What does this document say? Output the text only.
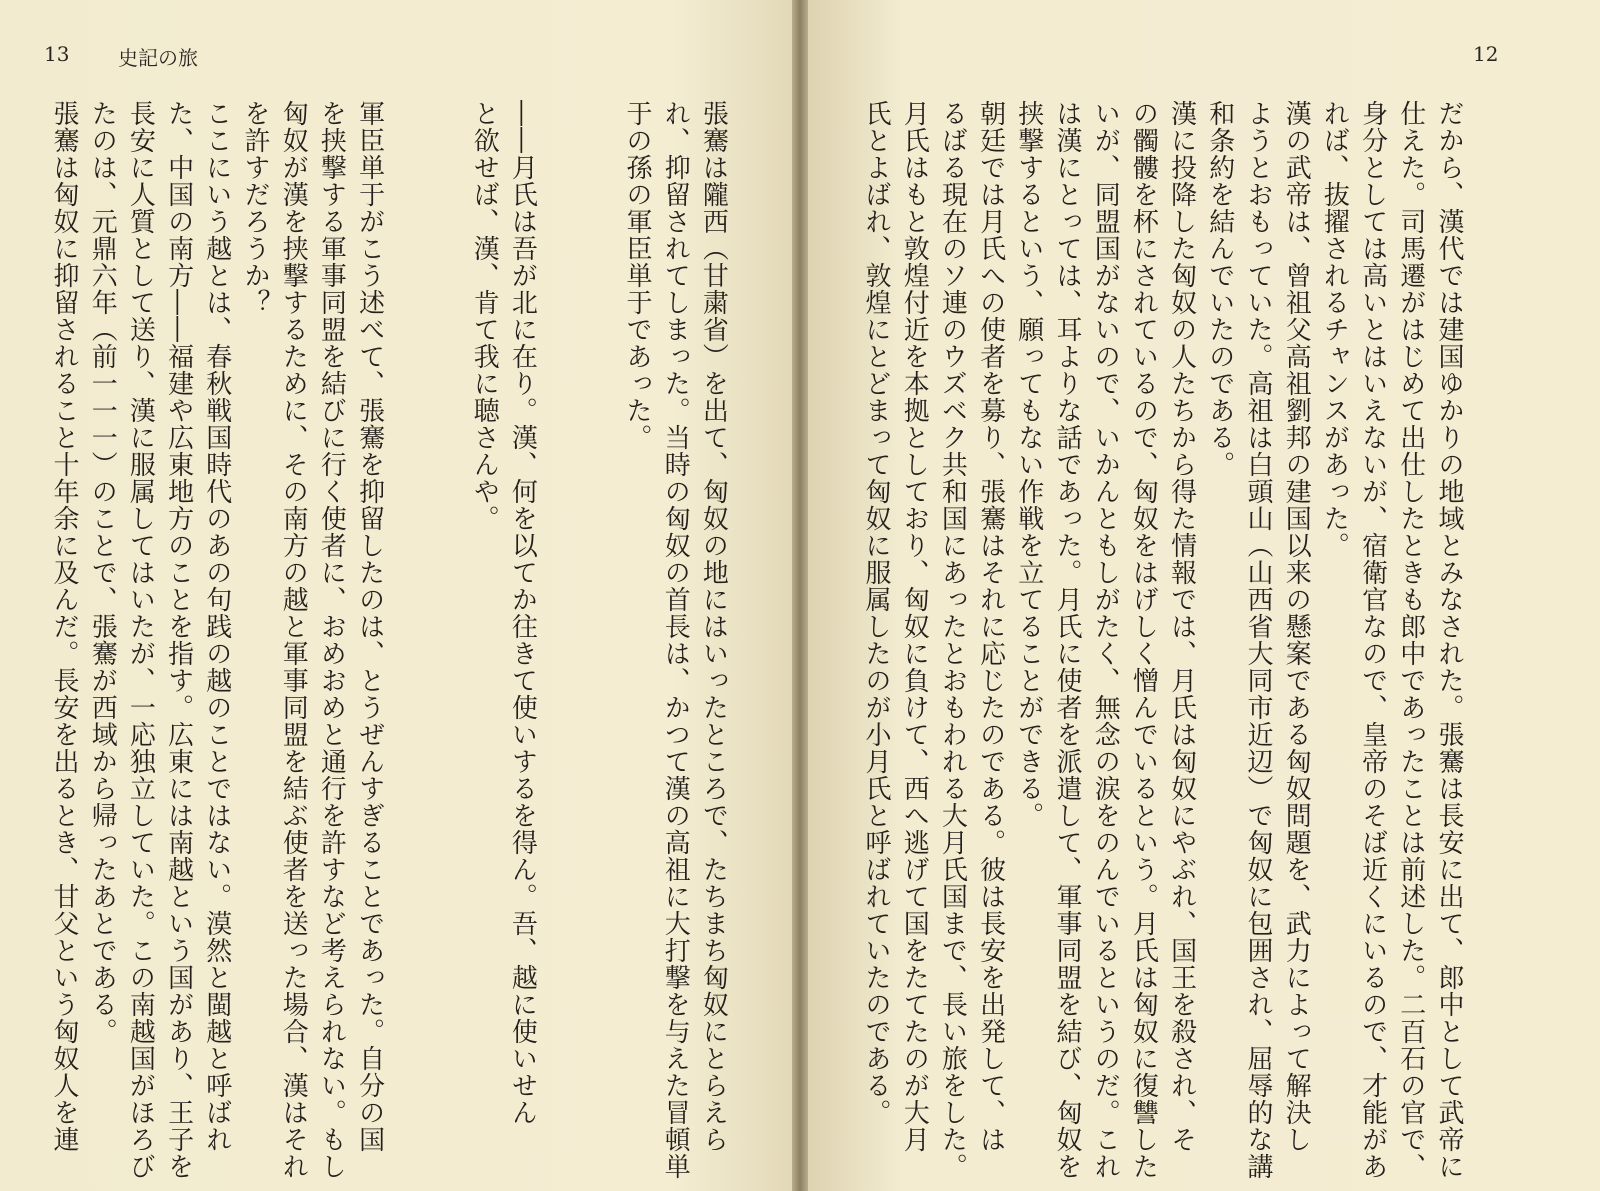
13 史記の旅
張騫は匈奴に抑留されること十年余に及んだ。長安を出るとき、甘父という匈奴人を連 たのは、元鼎六年（前一一一）のことで、張騫が西域から帰ったあとである。 長安に人質として送り、漢に服属してはいたが、一応独立していた。この南越国がほろび た、中国の南方――福建や広東地方のことを指す。広東には南越という国があり、王子を ここにいう越とは、春秋戦国時代のあの句践の越のことではない。漠然と閩越と呼ばれ を許すだろうか？ 匈奴が漢を挟撃するために、その南方の越と軍事同盟を結ぶ使者を送った場合、漢はそれ を挟撃する軍事同盟を結びに行く使者に、おめおめと通行を許すなど考えられない。もし 軍臣単于がこう述べて、張騫を抑留したのは、とうぜんすぎることであった。自分の国	と欲せば、漢、肯て我に聴さんや。 ――月氏は吾が北に在り。漢、何を以てか往きて使いするを得ん。吾、越に使いせん	于の孫の軍臣単于であった。 れ、抑留されてしまった。当時の匈奴の首長は、かつて漢の高祖に大打撃を与えた冒頓単 張騫は隴西（甘粛省）を出て、匈奴の地にはいったところで、たちまち匈奴にとらえら
12
氏とよばれ、敦煌にとどまって匈奴に服属したのが小月氏と呼ばれていたのである。 月氏はもと敦煌付近を本拠としており、匈奴に負けて、西へ逃げて国をたてたのが大月 るばる現在のソ連のウズベク共和国にあったとおもわれる大月氏国まで、長い旅をした。 朝廷では月氏への使者を募り、張騫はそれに応じたのである。彼は長安を出発して、は 挟撃するという、願ってもない作戦を立てることができる。 は漢にとっては、耳よりな話であった。月氏に使者を派遣して、軍事同盟を結び、匈奴を いが、同盟国がないので、いかんともしがたく、無念の涙をのんでいるというのだ。これ の髑髏を杯にされているので、匈奴をはげしく憎んでいるという。月氏は匈奴に復讐した 漢に投降した匈奴の人たちから得た情報では、月氏は匈奴にやぶれ、国王を殺され、そ 和条約を結んでいたのである。 ようとおもっていた。高祖は白頭山（山西省大同市近辺）で匈奴に包囲され、屈辱的な講 漢の武帝は、曾祖父高祖劉邦の建国以来の懸案である匈奴問題を、武力によって解決し れば、抜擢されるチャンスがあった。 身分としては高いとはいえないが、宿衛官なので、皇帝のそば近くにいるので、才能があ 仕えた。司馬遷がはじめて出仕したときも郎中であったことは前述した。二百石の官で、 だから、漢代では建国ゆかりの地域とみなされた。張騫は長安に出て、郎中として武帝に
